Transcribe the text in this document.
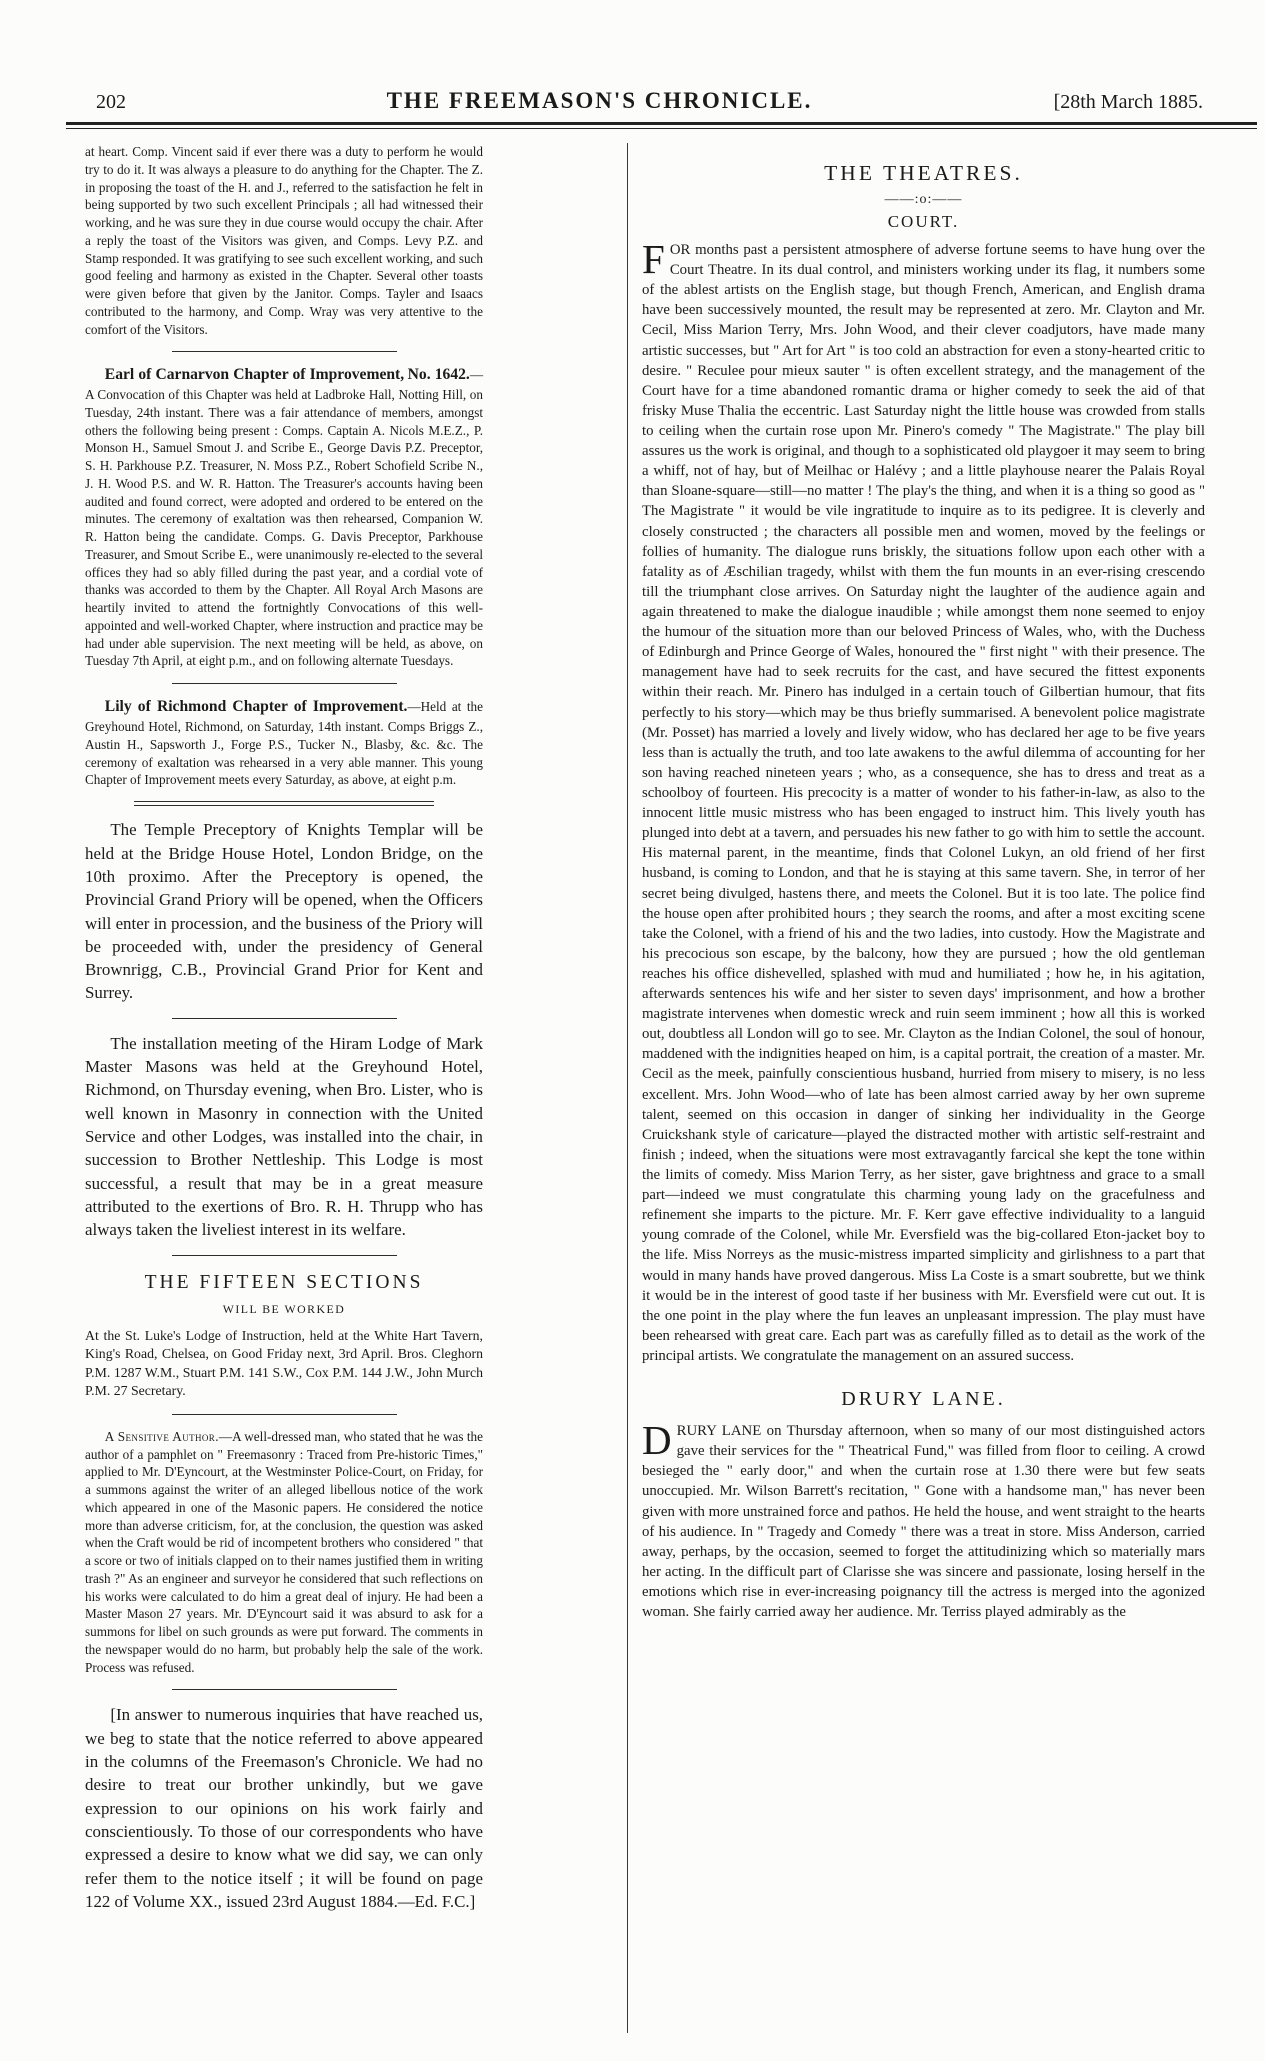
202	THE FREEMASON'S CHRONICLE.	[28th March 1885.

at heart. Comp. Vincent said if ever there was a duty to perform he would try to do it. It was always a pleasure to do anything for the Chapter. The Z. in proposing the toast of the H. and J., referred to the satisfaction he felt in being supported by two such excellent Principals ; all had witnessed their working, and he was sure they in due course would occupy the chair. After a reply the toast of the Visitors was given, and Comps. Levy P.Z. and Stamp responded. It was gratifying to see such excellent working, and such good feeling and harmony as existed in the Chapter. Several other toasts were given before that given by the Janitor. Comps. Tayler and Isaacs contributed to the harmony, and Comp. Wray was very attentive to the comfort of the Visitors.

Earl of Carnarvon Chapter of Improvement, No. 1642.—A Convocation of this Chapter was held at Ladbroke Hall, Notting Hill, on Tuesday, 24th instant. There was a fair attendance of members, amongst others the following being present : Comps. Captain A. Nicols M.E.Z., P. Monson H., Samuel Smout J. and Scribe E., George Davis P.Z. Preceptor, S. H. Parkhouse P.Z. Treasurer, N. Moss P.Z., Robert Schofield Scribe N., J. H. Wood P.S. and W. R. Hatton. The Treasurer's accounts having been audited and found correct, were adopted and ordered to be entered on the minutes. The ceremony of exaltation was then rehearsed, Companion W. R. Hatton being the candidate. Comps. G. Davis Preceptor, Parkhouse Treasurer, and Smout Scribe E., were unanimously re-elected to the several offices they had so ably filled during the past year, and a cordial vote of thanks was accorded to them by the Chapter. All Royal Arch Masons are heartily invited to attend the fortnightly Convocations of this well-appointed and well-worked Chapter, where instruction and practice may be had under able supervision. The next meeting will be held, as above, on Tuesday 7th April, at eight p.m., and on following alternate Tuesdays.

Lily of Richmond Chapter of Improvement.—Held at the Greyhound Hotel, Richmond, on Saturday, 14th instant. Comps Briggs Z., Austin H., Sapsworth J., Forge P.S., Tucker N., Blasby, &c. &c. The ceremony of exaltation was rehearsed in a very able manner. This young Chapter of Improvement meets every Saturday, as above, at eight p.m.

The Temple Preceptory of Knights Templar will be held at the Bridge House Hotel, London Bridge, on the 10th proximo. After the Preceptory is opened, the Provincial Grand Priory will be opened, when the Officers will enter in procession, and the business of the Priory will be proceeded with, under the presidency of General Brownrigg, C.B., Provincial Grand Prior for Kent and Surrey.

The installation meeting of the Hiram Lodge of Mark Master Masons was held at the Greyhound Hotel, Richmond, on Thursday evening, when Bro. Lister, who is well known in Masonry in connection with the United Service and other Lodges, was installed into the chair, in succession to Brother Nettleship. This Lodge is most successful, a result that may be in a great measure attributed to the exertions of Bro. R. H. Thrupp who has always taken the liveliest interest in its welfare.

THE FIFTEEN SECTIONS
WILL BE WORKED

At the St. Luke's Lodge of Instruction, held at the White Hart Tavern, King's Road, Chelsea, on Good Friday next, 3rd April. Bros. Cleghorn P.M. 1287 W.M., Stuart P.M. 141 S.W., Cox P.M. 144 J.W., John Murch P.M. 27 Secretary.

A Sensitive Author.—A well-dressed man, who stated that he was the author of a pamphlet on " Freemasonry : Traced from Pre-historic Times," applied to Mr. D'Eyncourt, at the Westminster Police-Court, on Friday, for a summons against the writer of an alleged libellous notice of the work which appeared in one of the Masonic papers. He considered the notice more than adverse criticism, for, at the conclusion, the question was asked when the Craft would be rid of incompetent brothers who considered " that a score or two of initials clapped on to their names justified them in writing trash ?" As an engineer and surveyor he considered that such reflections on his works were calculated to do him a great deal of injury. He had been a Master Mason 27 years. Mr. D'Eyncourt said it was absurd to ask for a summons for libel on such grounds as were put forward. The comments in the newspaper would do no harm, but probably help the sale of the work. Process was refused.

[In answer to numerous inquiries that have reached us, we beg to state that the notice referred to above appeared in the columns of the Freemason's Chronicle. We had no desire to treat our brother unkindly, but we gave expression to our opinions on his work fairly and conscientiously. To those of our correspondents who have expressed a desire to know what we did say, we can only refer them to the notice itself ; it will be found on page 122 of Volume XX., issued 23rd August 1884.—Ed. F.C.]

THE THEATRES.
——:o:——
COURT.

FOR months past a persistent atmosphere of adverse fortune seems to have hung over the Court Theatre. In its dual control, and ministers working under its flag, it numbers some of the ablest artists on the English stage, but though French, American, and English drama have been successively mounted, the result may be represented at zero. Mr. Clayton and Mr. Cecil, Miss Marion Terry, Mrs. John Wood, and their clever coadjutors, have made many artistic successes, but " Art for Art " is too cold an abstraction for even a stony-hearted critic to desire. " Reculee pour mieux sauter " is often excellent strategy, and the management of the Court have for a time abandoned romantic drama or higher comedy to seek the aid of that frisky Muse Thalia the eccentric. Last Saturday night the little house was crowded from stalls to ceiling when the curtain rose upon Mr. Pinero's comedy " The Magistrate." The play bill assures us the work is original, and though to a sophisticated old playgoer it may seem to bring a whiff, not of hay, but of Meilhac or Halévy ; and a little playhouse nearer the Palais Royal than Sloane-square—still—no matter ! The play's the thing, and when it is a thing so good as " The Magistrate " it would be vile ingratitude to inquire as to its pedigree. It is cleverly and closely constructed ; the characters all possible men and women, moved by the feelings or follies of humanity. The dialogue runs briskly, the situations follow upon each other with a fatality as of Æschilian tragedy, whilst with them the fun mounts in an ever-rising crescendo till the triumphant close arrives. On Saturday night the laughter of the audience again and again threatened to make the dialogue inaudible ; while amongst them none seemed to enjoy the humour of the situation more than our beloved Princess of Wales, who, with the Duchess of Edinburgh and Prince George of Wales, honoured the " first night " with their presence. The management have had to seek recruits for the cast, and have secured the fittest exponents within their reach. Mr. Pinero has indulged in a certain touch of Gilbertian humour, that fits perfectly to his story—which may be thus briefly summarised. A benevolent police magistrate (Mr. Posset) has married a lovely and lively widow, who has declared her age to be five years less than is actually the truth, and too late awakens to the awful dilemma of accounting for her son having reached nineteen years ; who, as a consequence, she has to dress and treat as a schoolboy of fourteen. His precocity is a matter of wonder to his father-in-law, as also to the innocent little music mistress who has been engaged to instruct him. This lively youth has plunged into debt at a tavern, and persuades his new father to go with him to settle the account. His maternal parent, in the meantime, finds that Colonel Lukyn, an old friend of her first husband, is coming to London, and that he is staying at this same tavern. She, in terror of her secret being divulged, hastens there, and meets the Colonel. But it is too late. The police find the house open after prohibited hours ; they search the rooms, and after a most exciting scene take the Colonel, with a friend of his and the two ladies, into custody. How the Magistrate and his precocious son escape, by the balcony, how they are pursued ; how the old gentleman reaches his office dishevelled, splashed with mud and humiliated ; how he, in his agitation, afterwards sentences his wife and her sister to seven days' imprisonment, and how a brother magistrate intervenes when domestic wreck and ruin seem imminent ; how all this is worked out, doubtless all London will go to see. Mr. Clayton as the Indian Colonel, the soul of honour, maddened with the indignities heaped on him, is a capital portrait, the creation of a master. Mr. Cecil as the meek, painfully conscientious husband, hurried from misery to misery, is no less excellent. Mrs. John Wood—who of late has been almost carried away by her own supreme talent, seemed on this occasion in danger of sinking her individuality in the George Cruickshank style of caricature—played the distracted mother with artistic self-restraint and finish ; indeed, when the situations were most extravagantly farcical she kept the tone within the limits of comedy. Miss Marion Terry, as her sister, gave brightness and grace to a small part—indeed we must congratulate this charming young lady on the gracefulness and refinement she imparts to the picture. Mr. F. Kerr gave effective individuality to a languid young comrade of the Colonel, while Mr. Eversfield was the big-collared Eton-jacket boy to the life. Miss Norreys as the music-mistress imparted simplicity and girlishness to a part that would in many hands have proved dangerous. Miss La Coste is a smart soubrette, but we think it would be in the interest of good taste if her business with Mr. Eversfield were cut out. It is the one point in the play where the fun leaves an unpleasant impression. The play must have been rehearsed with great care. Each part was as carefully filled as to detail as the work of the principal artists. We congratulate the management on an assured success.

DRURY LANE.

DRURY LANE on Thursday afternoon, when so many of our most distinguished actors gave their services for the " Theatrical Fund," was filled from floor to ceiling. A crowd besieged the " early door," and when the curtain rose at 1.30 there were but few seats unoccupied. Mr. Wilson Barrett's recitation, " Gone with a handsome man," has never been given with more unstrained force and pathos. He held the house, and went straight to the hearts of his audience. In " Tragedy and Comedy " there was a treat in store. Miss Anderson, carried away, perhaps, by the occasion, seemed to forget the attitudinizing which so materially mars her acting. In the difficult part of Clarisse she was sincere and passionate, losing herself in the emotions which rise in ever-increasing poignancy till the actress is merged into the agonized woman. She fairly carried away her audience. Mr. Terriss played admirably as the
